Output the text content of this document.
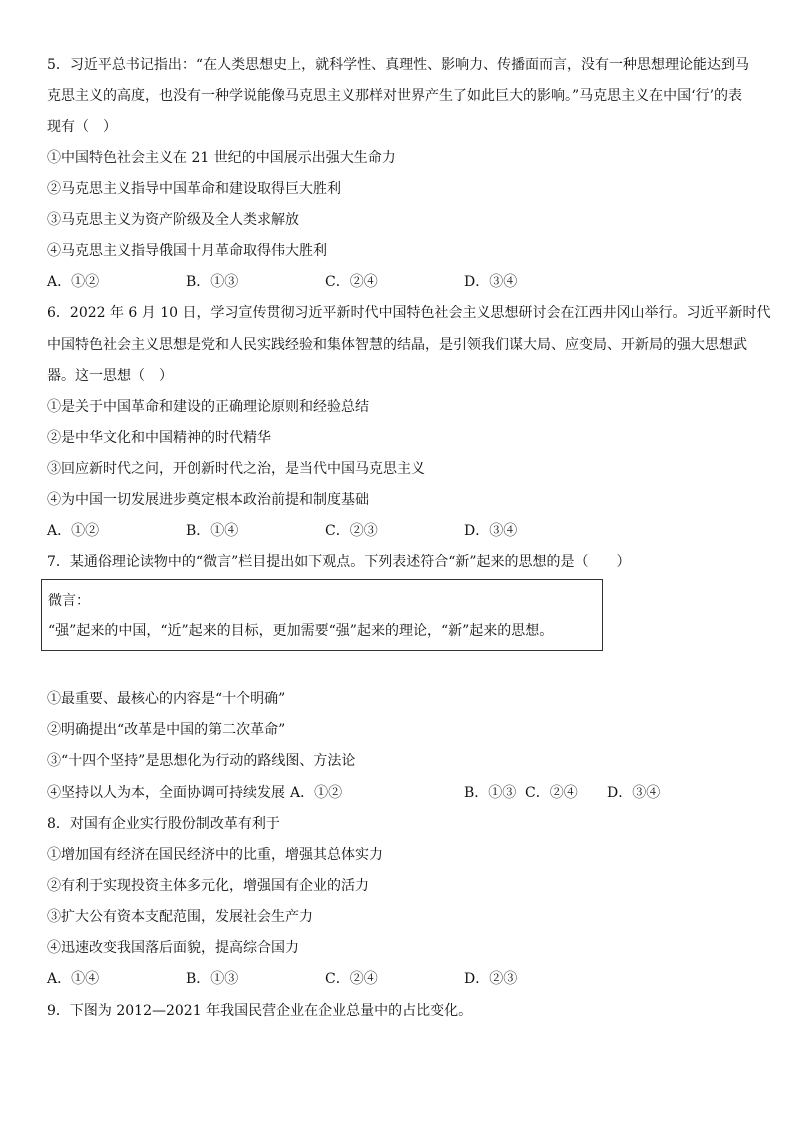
5．习近平总书记指出：“在人类思想史上，就科学性、真理性、影响力、传播面而言，没有一种思想理论能达到马
克思主义的高度，也没有一种学说能像马克思主义那样对世界产生了如此巨大的影响。”马克思主义在中国‘行’的表
现有（　）
①中国特色社会主义在 21 世纪的中国展示出强大生命力
②马克思主义指导中国革命和建设取得巨大胜利
③马克思主义为资产阶级及全人类求解放
④马克思主义指导俄国十月革命取得伟大胜利
A．①②	B．①③	C．②④	D．③④
6．2022 年 6 月 10 日，学习宣传贯彻习近平新时代中国特色社会主义思想研讨会在江西井冈山举行。习近平新时代
中国特色社会主义思想是党和人民实践经验和集体智慧的结晶，是引领我们谋大局、应变局、开新局的强大思想武
器。这一思想（　）
①是关于中国革命和建设的正确理论原则和经验总结
②是中华文化和中国精神的时代精华
③回应新时代之问，开创新时代之治，是当代中国马克思主义
④为中国一切发展进步奠定根本政治前提和制度基础
A．①②	B．①④	C．②③	D．③④
7．某通俗理论读物中的“微言”栏目提出如下观点。下列表述符合“新”起来的思想的是（　　）
微言：
“强”起来的中国，“近”起来的目标，更加需要“强”起来的理论，“新”起来的思想。
①最重要、最核心的内容是“十个明确”
②明确提出“改革是中国的第二次革命”
③“十四个坚持”是思想化为行动的路线图、方法论
④坚持以人为本，全面协调可持续发展 A．①②	B．①③ C．②④ D．③④
8．对国有企业实行股份制改革有利于
①增加国有经济在国民经济中的比重，增强其总体实力
②有利于实现投资主体多元化，增强国有企业的活力
③扩大公有资本支配范围，发展社会生产力
④迅速改变我国落后面貌，提高综合国力
A．①④	B．①③	C．②④	D．②③
9．下图为 2012—2021 年我国民营企业在企业总量中的占比变化。
